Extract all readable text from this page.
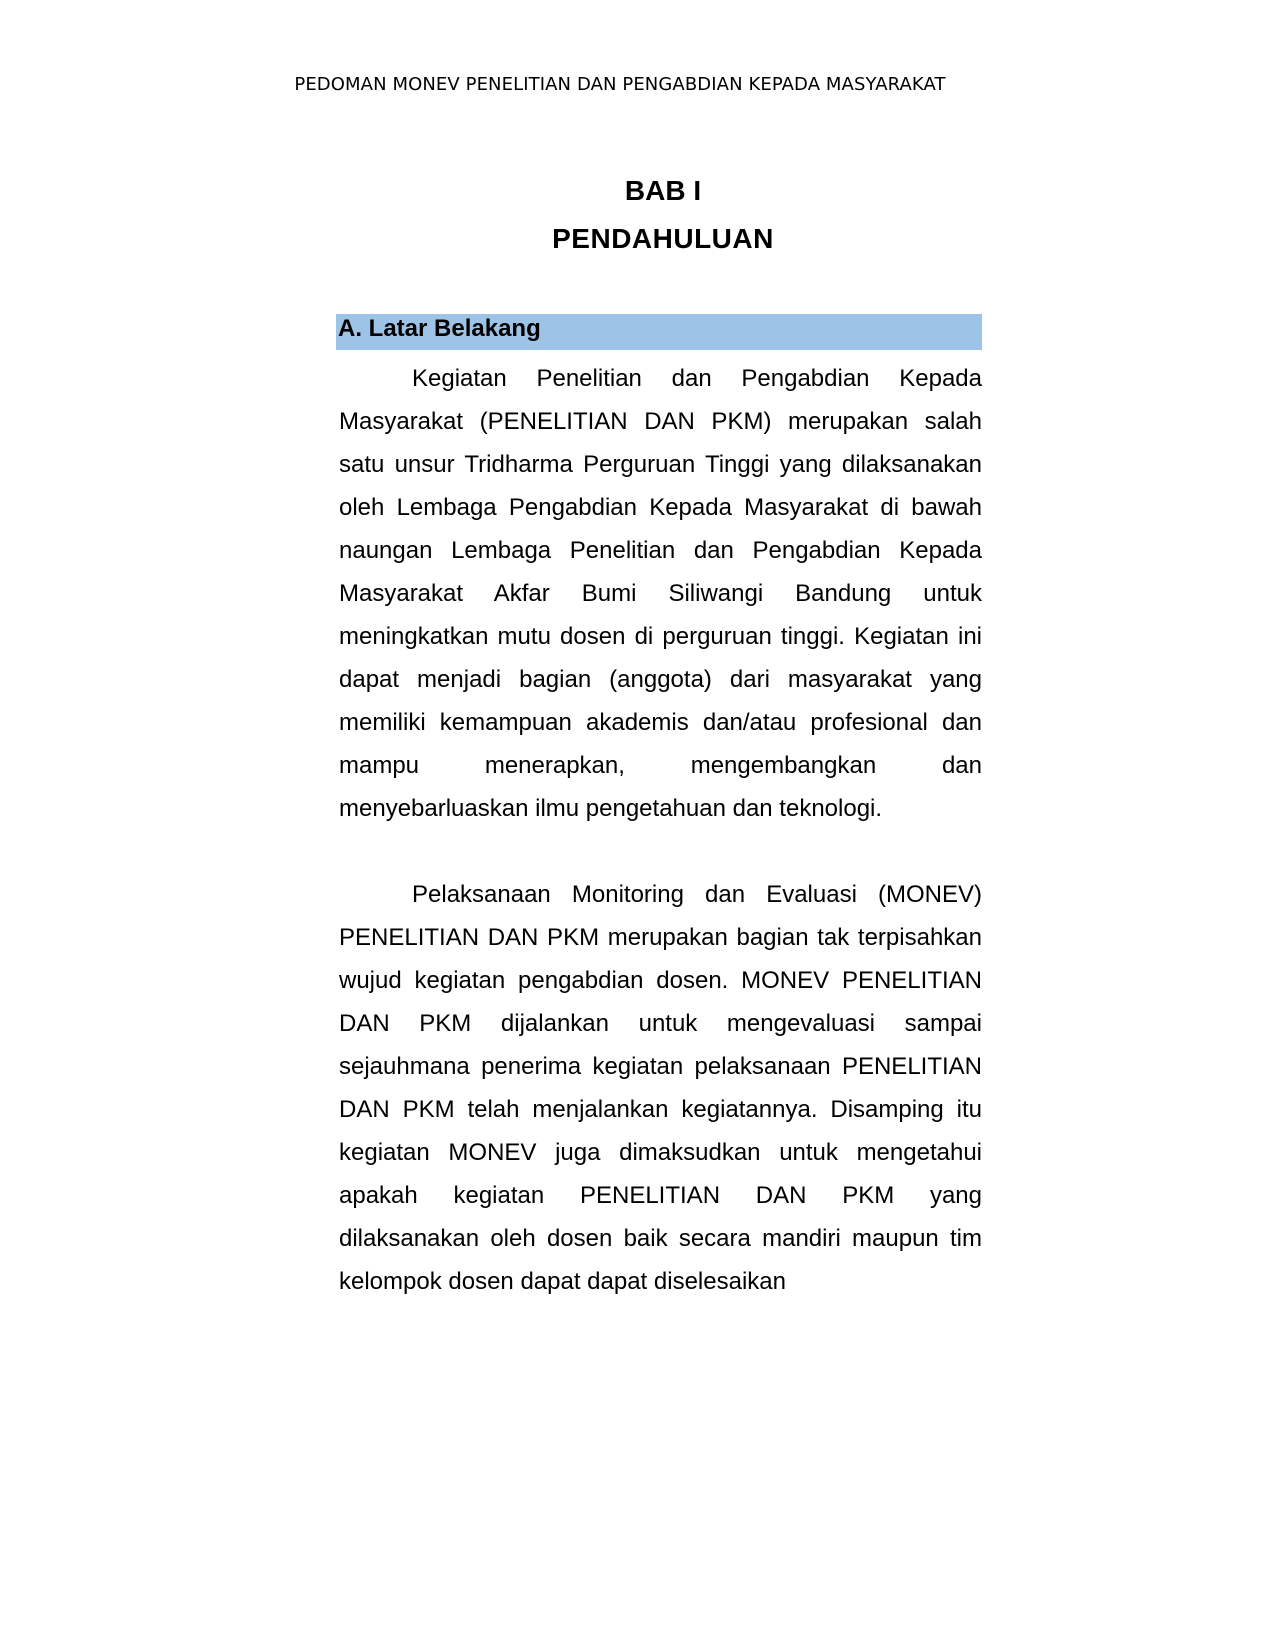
PEDOMAN MONEV PENELITIAN DAN PENGABDIAN KEPADA MASYARAKAT
BAB I
PENDAHULUAN
A. Latar Belakang

Kegiatan Penelitian dan Pengabdian Kepada Masyarakat (PENELITIAN DAN PKM) merupakan salah satu unsur Tridharma Perguruan Tinggi yang dilaksanakan oleh Lembaga Pengabdian Kepada Masyarakat di bawah naungan Lembaga Penelitian dan Pengabdian Kepada Masyarakat Akfar Bumi Siliwangi Bandung untuk meningkatkan mutu dosen di perguruan tinggi. Kegiatan ini dapat menjadi bagian (anggota) dari masyarakat yang memiliki kemampuan akademis dan/atau profesional dan mampu menerapkan, mengembangkan dan menyebarluaskan ilmu pengetahuan dan teknologi.

Pelaksanaan Monitoring dan Evaluasi (MONEV) PENELITIAN DAN PKM merupakan bagian tak terpisahkan wujud kegiatan pengabdian dosen. MONEV PENELITIAN DAN PKM dijalankan untuk mengevaluasi sampai sejauhmana penerima kegiatan pelaksanaan PENELITIAN DAN PKM telah menjalankan kegiatannya. Disamping itu kegiatan MONEV juga dimaksudkan untuk mengetahui apakah kegiatan PENELITIAN DAN PKM yang dilaksanakan oleh dosen baik secara mandiri maupun tim kelompok dosen dapat dapat diselesaikan
